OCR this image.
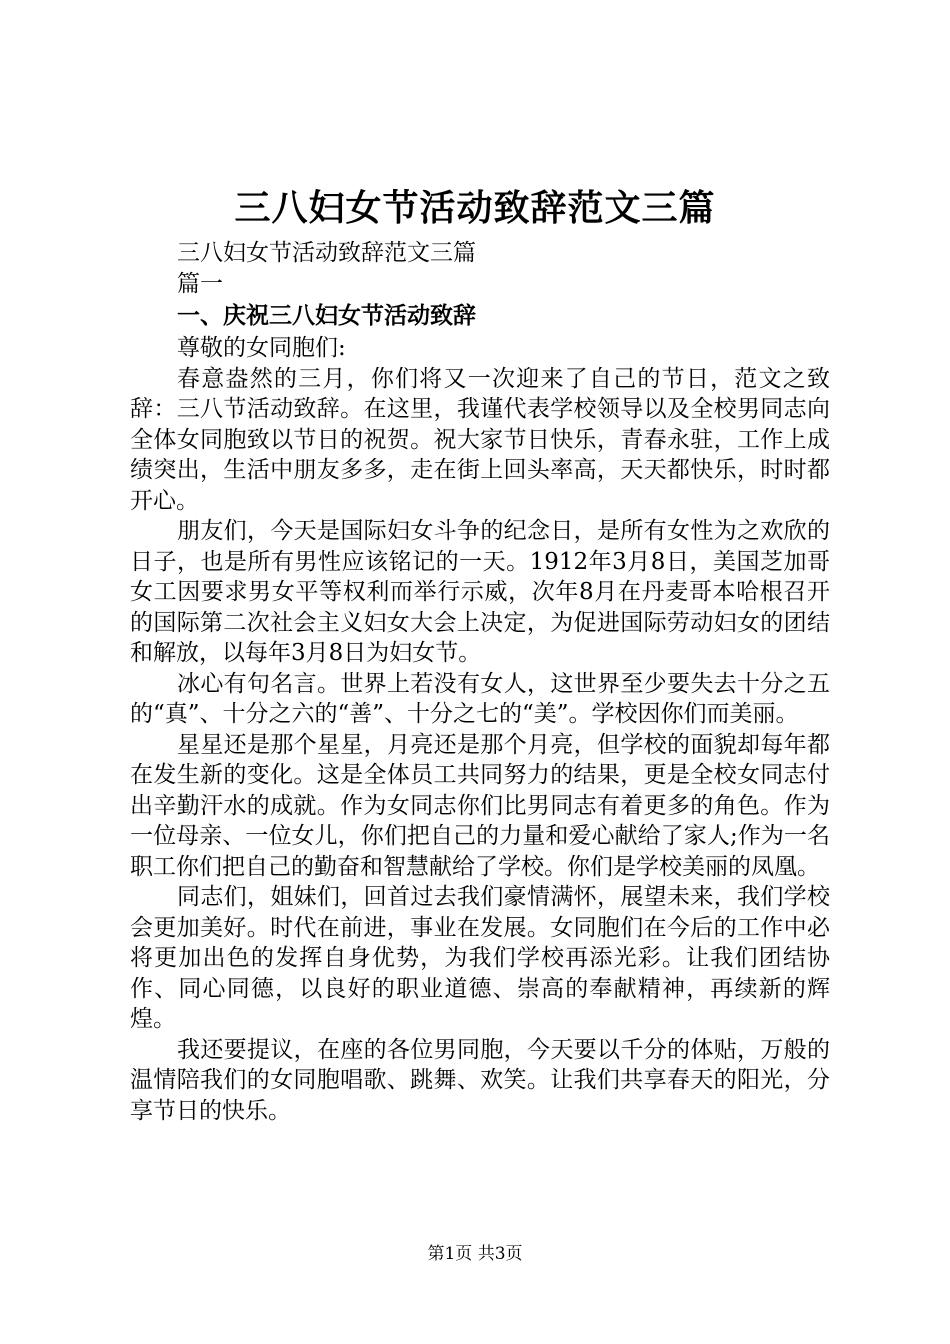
三八妇女节活动致辞范文三篇

三八妇女节活动致辞范文三篇

篇一

一、庆祝三八妇女节活动致辞

尊敬的女同胞们:

春意盎然的三月，你们将又一次迎来了自己的节日，范文之致辞：三八节活动致辞。在这里，我谨代表学校领导以及全校男同志向全体女同胞致以节日的祝贺。祝大家节日快乐，青春永驻，工作上成绩突出，生活中朋友多多，走在街上回头率高，天天都快乐，时时都开心。

朋友们，今天是国际妇女斗争的纪念日，是所有女性为之欢欣的日子，也是所有男性应该铭记的一天。1912年3月8日，美国芝加哥女工因要求男女平等权利而举行示威，次年8月在丹麦哥本哈根召开的国际第二次社会主义妇女大会上决定，为促进国际劳动妇女的团结和解放，以每年3月8日为妇女节。

冰心有句名言。世界上若没有女人，这世界至少要失去十分之五的“真”、十分之六的“善”、十分之七的“美”。学校因你们而美丽。

星星还是那个星星，月亮还是那个月亮，但学校的面貌却每年都在发生新的变化。这是全体员工共同努力的结果，更是全校女同志付出辛勤汗水的成就。作为女同志你们比男同志有着更多的角色。作为一位母亲、一位女儿，你们把自己的力量和爱心献给了家人;作为一名职工你们把自己的勤奋和智慧献给了学校。你们是学校美丽的凤凰。

同志们，姐妹们，回首过去我们豪情满怀，展望未来，我们学校会更加美好。时代在前进，事业在发展。女同胞们在今后的工作中必将更加出色的发挥自身优势，为我们学校再添光彩。让我们团结协作、同心同德，以良好的职业道德、崇高的奉献精神，再续新的辉煌。

我还要提议，在座的各位男同胞，今天要以千分的体贴，万般的温情陪我们的女同胞唱歌、跳舞、欢笑。让我们共享春天的阳光，分享节日的快乐。

第1页 共3页
